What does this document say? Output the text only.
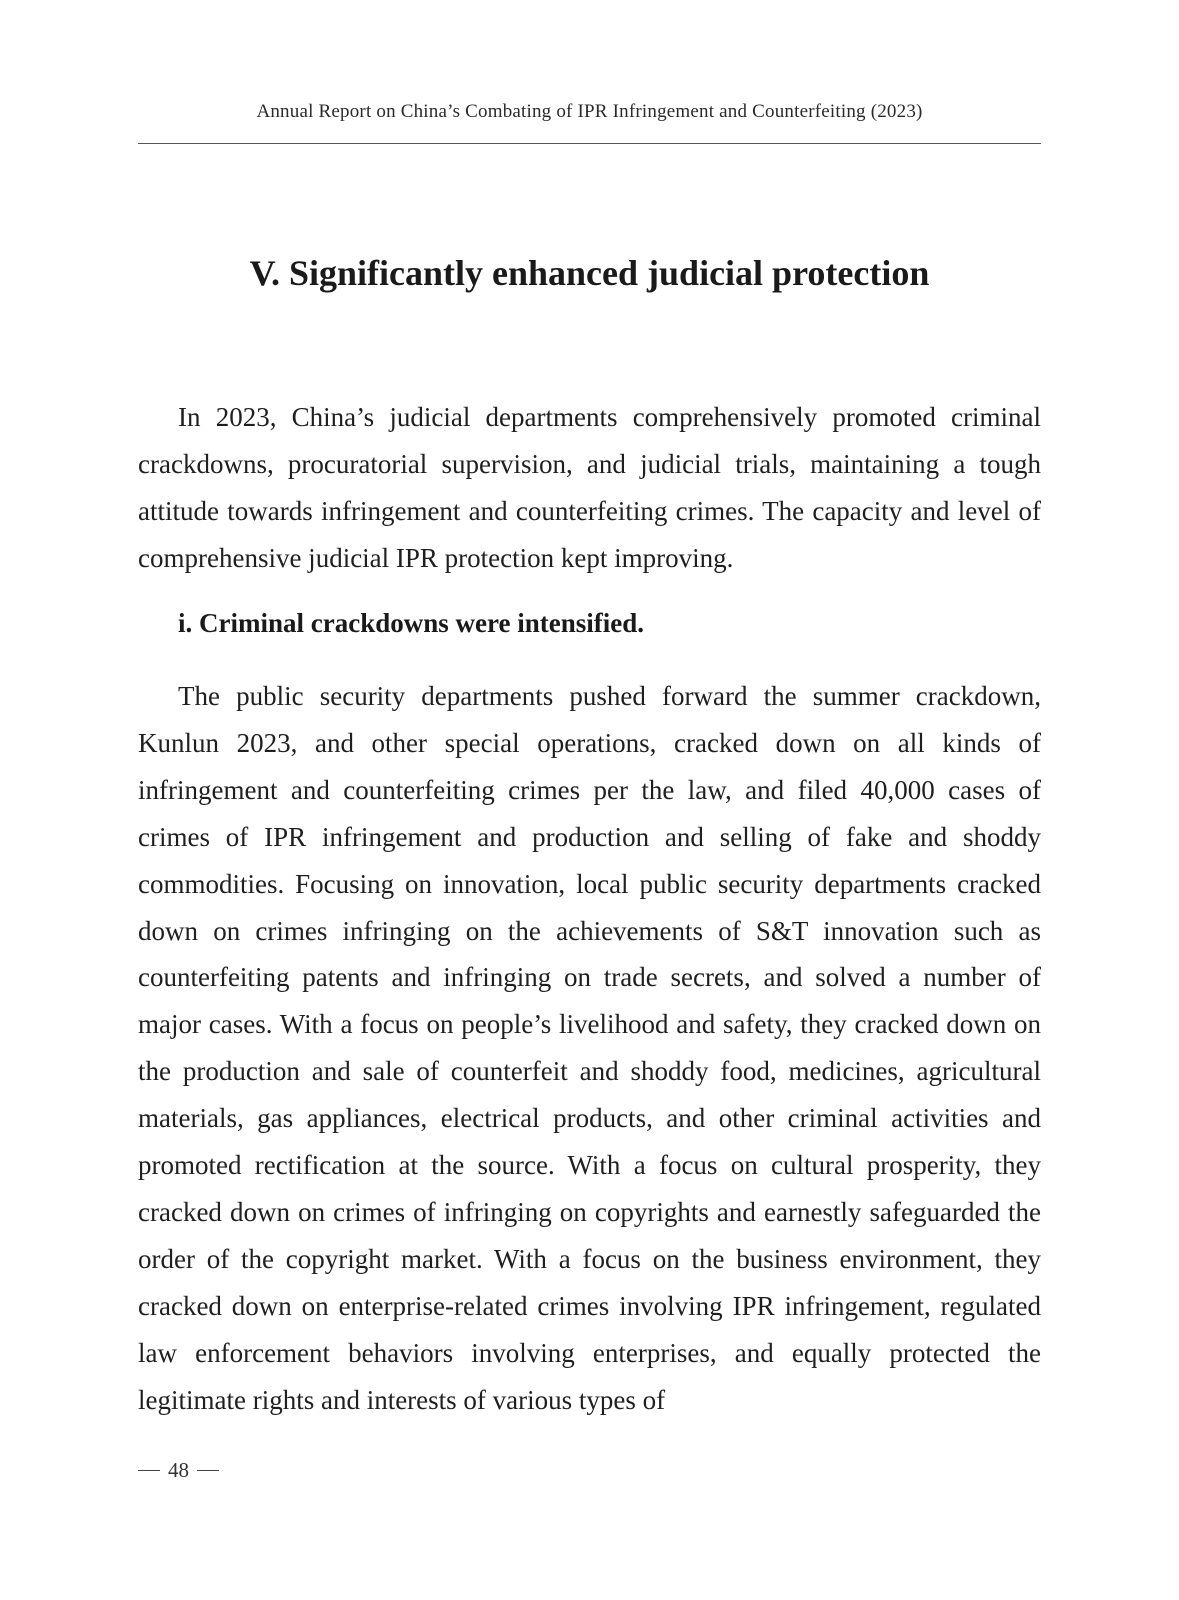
Annual Report on China’s Combating of IPR Infringement and Counterfeiting (2023)
V. Significantly enhanced judicial protection

In 2023, China’s judicial departments comprehensively promoted criminal crackdowns, procuratorial supervision, and judicial trials, maintaining a tough attitude towards infringement and counterfeiting crimes. The capacity and level of comprehensive judicial IPR protection kept improving.

i. Criminal crackdowns were intensified.

The public security departments pushed forward the summer crackdown, Kunlun 2023, and other special operations, cracked down on all kinds of infringement and counterfeiting crimes per the law, and filed 40,000 cases of crimes of IPR infringement and production and selling of fake and shoddy commodities. Focusing on innovation, local public security departments cracked down on crimes infringing on the achievements of S&T innovation such as counterfeiting patents and infringing on trade secrets, and solved a number of major cases. With a focus on people’s livelihood and safety, they cracked down on the production and sale of counterfeit and shoddy food, medicines, agricultural materials, gas appliances, electrical products, and other criminal activities and promoted rectification at the source. With a focus on cultural prosperity, they cracked down on crimes of infringing on copyrights and earnestly safeguarded the order of the copyright market. With a focus on the business environment, they cracked down on enterprise-related crimes involving IPR infringement, regulated law enforcement behaviors involving enterprises, and equally protected the legitimate rights and interests of various types of

48
